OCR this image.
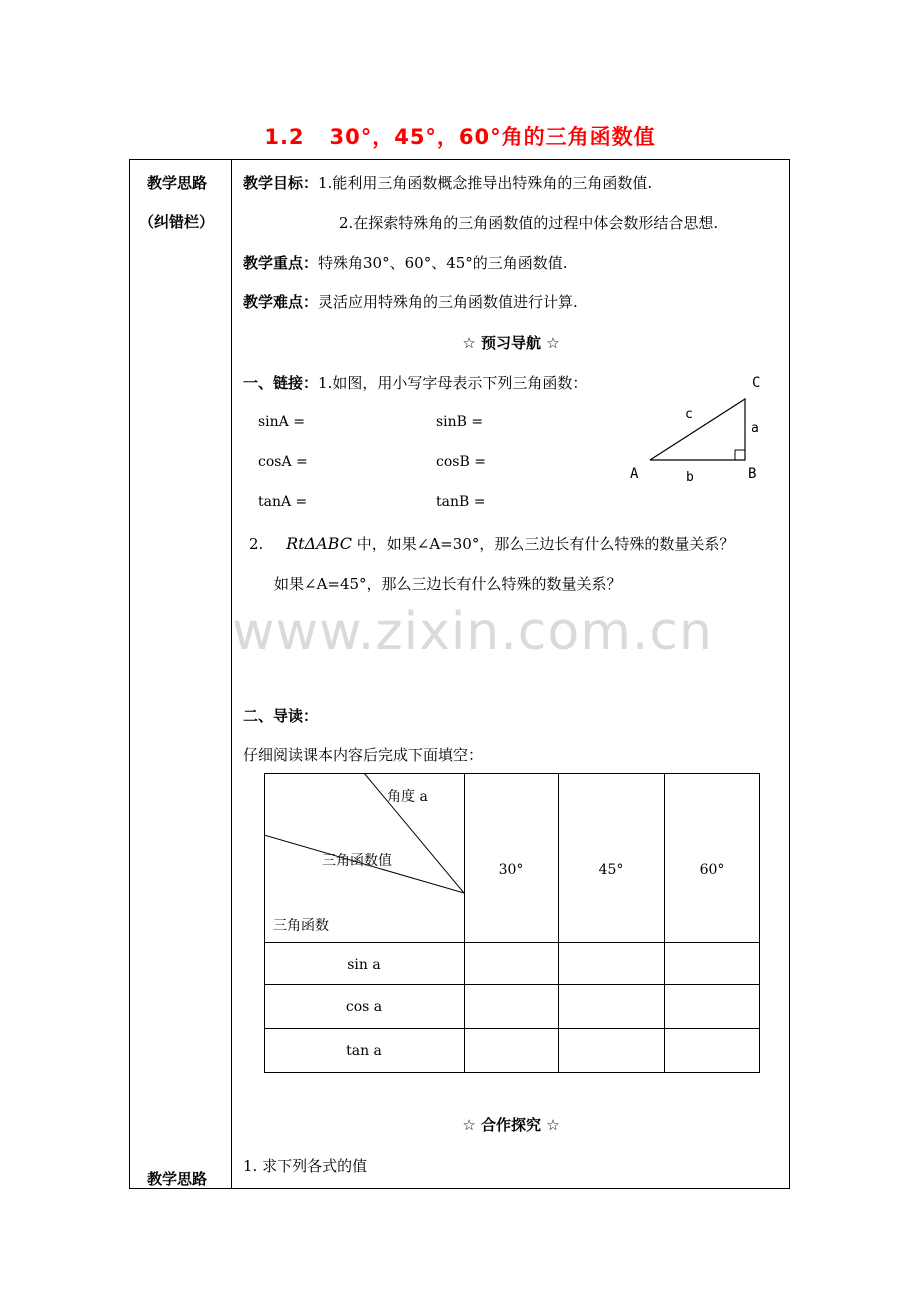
1.2   30°，45°，60°角的三角函数值
教学思路
（纠错栏）
教学思路
教学目标：1.能利用三角函数概念推导出特殊角的三角函数值.
2.在探索特殊角的三角函数值的过程中体会数形结合思想.
教学重点：特殊角30°、60°、45°的三角函数值.
教学难点：灵活应用特殊角的三角函数值进行计算.
☆ 预习导航 ☆
一、链接：1.如图，用小写字母表示下列三角函数：
sinA =	sinB =
cosA =	cosB =
tanA =	tanB =
C
c
a
A	b	B
2. RtΔABC 中，如果∠A=30°，那么三边长有什么特殊的数量关系？
如果∠A=45°，那么三边长有什么特殊的数量关系？
www.zixin.com.cn
二、导读：
仔细阅读课本内容后完成下面填空：
角度 a
三角函数值
三角函数
30°	45°	60°
sin a
cos a
tan a
☆ 合作探究 ☆
1. 求下列各式的值
